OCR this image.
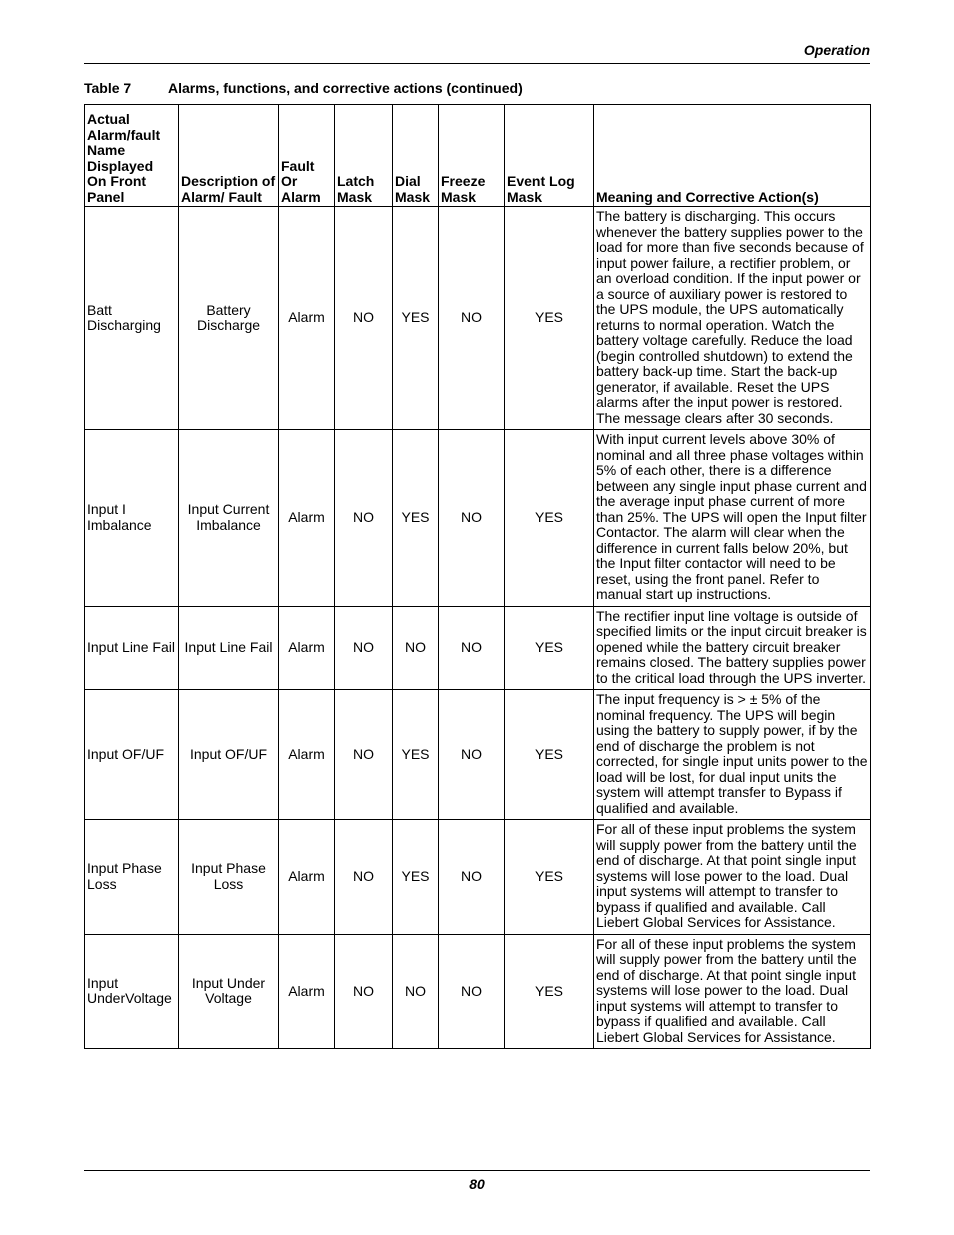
Operation
Table 7	Alarms, functions, and corrective actions (continued)
Actual Alarm/fault Name Displayed On Front Panel	Description of Alarm/ Fault	Fault Or Alarm	Latch Mask	Dial Mask	Freeze Mask	Event Log Mask	Meaning and Corrective Action(s)
Batt Discharging	Battery Discharge	Alarm	NO	YES	NO	YES	The battery is discharging. This occurs whenever the battery supplies power to the load for more than five seconds because of input power failure, a rectifier problem, or an overload condition. If the input power or a source of auxiliary power is restored to the UPS module, the UPS automatically returns to normal operation. Watch the battery voltage carefully. Reduce the load (begin controlled shutdown) to extend the battery back-up time. Start the back-up generator, if available. Reset the UPS alarms after the input power is restored. The message clears after 30 seconds.
Input I Imbalance	Input Current Imbalance	Alarm	NO	YES	NO	YES	With input current levels above 30% of nominal and all three phase voltages within 5% of each other, there is a difference between any single input phase current and the average input phase current of more than 25%. The UPS will open the Input filter Contactor. The alarm will clear when the difference in current falls below 20%, but the Input filter contactor will need to be reset, using the front panel. Refer to manual start up instructions.
Input Line Fail	Input Line Fail	Alarm	NO	NO	NO	YES	The rectifier input line voltage is outside of specified limits or the input circuit breaker is opened while the battery circuit breaker remains closed. The battery supplies power to the critical load through the UPS inverter.
Input OF/UF	Input OF/UF	Alarm	NO	YES	NO	YES	The input frequency is > ± 5% of the nominal frequency. The UPS will begin using the battery to supply power, if by the end of discharge the problem is not corrected, for single input units power to the load will be lost, for dual input units the system will attempt transfer to Bypass if qualified and available.
Input Phase Loss	Input Phase Loss	Alarm	NO	YES	NO	YES	For all of these input problems the system will supply power from the battery until the end of discharge. At that point single input systems will lose power to the load. Dual input systems will attempt to transfer to bypass if qualified and available. Call Liebert Global Services for Assistance.
Input UnderVoltage	Input Under Voltage	Alarm	NO	NO	NO	YES	For all of these input problems the system will supply power from the battery until the end of discharge. At that point single input systems will lose power to the load. Dual input systems will attempt to transfer to bypass if qualified and available. Call Liebert Global Services for Assistance.
80
